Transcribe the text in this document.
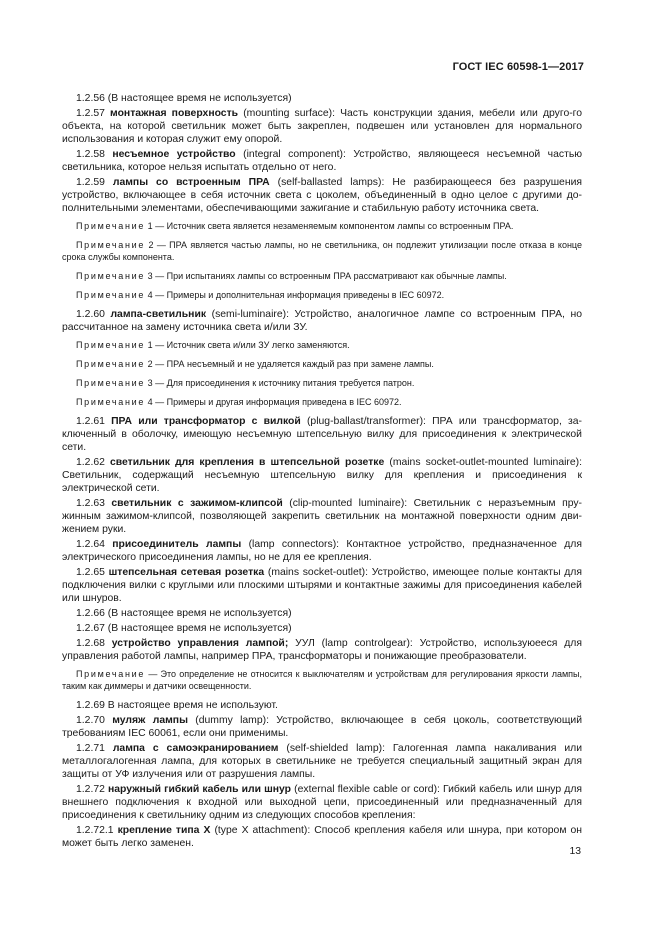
ГОСТ IEC 60598-1—2017
1.2.56 (В настоящее время не используется)
1.2.57 монтажная поверхность (mounting surface): Часть конструкции здания, мебели или друго-го объекта, на которой светильник может быть закреплен, подвешен или установлен для нормального использования и которая служит ему опорой.
1.2.58 несъемное устройство (integral component): Устройство, являющееся несъемной частью светильника, которое нельзя испытать отдельно от него.
1.2.59 лампы со встроенным ПРА (self-ballasted lamps): Не разбирающееся без разрушения устройство, включающее в себя источник света с цоколем, объединенный в одно целое с другими до-полнительными элементами, обеспечивающими зажигание и стабильную работу источника света.
Примечание 1 — Источник света является незаменяемым компонентом лампы со встроенным ПРА.
Примечание 2 — ПРА является частью лампы, но не светильника, он подлежит утилизации после отказа в конце срока службы компонента.
Примечание 3 — При испытаниях лампы со встроенным ПРА рассматривают как обычные лампы.
Примечание 4 — Примеры и дополнительная информация приведены в IEC 60972.
1.2.60 лампа-светильник (semi-luminaire): Устройство, аналогичное лампе со встроенным ПРА, но рассчитанное на замену источника света и/или ЗУ.
Примечание 1 — Источник света и/или ЗУ легко заменяются.
Примечание 2 — ПРА несъемный и не удаляется каждый раз при замене лампы.
Примечание 3 — Для присоединения к источнику питания требуется патрон.
Примечание 4 — Примеры и другая информация приведена в IEC 60972.
1.2.61 ПРА или трансформатор с вилкой (plug-ballast/transformer): ПРА или трансформатор, за-ключенный в оболочку, имеющую несъемную штепсельную вилку для присоединения к электрической сети.
1.2.62 светильник для крепления в штепсельной розетке (mains socket-outlet-mounted luminaire): Светильник, содержащий несъемную штепсельную вилку для крепления и присоединения к электрической сети.
1.2.63 светильник с зажимом-клипсой (clip-mounted luminaire): Светильник с неразъемным пру-жинным зажимом-клипсой, позволяющей закрепить светильник на монтажной поверхности одним дви-жением руки.
1.2.64 присоединитель лампы (lamp connectors): Контактное устройство, предназначенное для электрического присоединения лампы, но не для ее крепления.
1.2.65 штепсельная сетевая розетка (mains socket-outlet): Устройство, имеющее полые контакты для подключения вилки с круглыми или плоскими штырями и контактные зажимы для присоединения кабелей или шнуров.
1.2.66 (В настоящее время не используется)
1.2.67 (В настоящее время не используется)
1.2.68 устройство управления лампой; УУЛ (lamp controlgear): Устройство, используюееся для управления работой лампы, например ПРА, трансформаторы и понижающие преобразователи.
Примечание — Это определение не относится к выключателям и устройствам для регулирования яркости лампы, таким как диммеры и датчики освещенности.
1.2.69 В настоящее время не используют.
1.2.70 муляж лампы (dummy lamp): Устройство, включающее в себя цоколь, соответствующий требованиям IEC 60061, если они применимы.
1.2.71 лампа с самоэкранированием (self-shielded lamp): Галогенная лампа накаливания или металлогалогенная лампа, для которых в светильнике не требуется специальный защитный экран для защиты от УФ излучения или от разрушения лампы.
1.2.72 наружный гибкий кабель или шнур (external flexible cable or cord): Гибкий кабель или шнур для внешнего подключения к входной или выходной цепи, присоединенный или предназначенный для присоединения к светильнику одним из следующих способов крепления:
1.2.72.1 крепление типа X (type X attachment): Способ крепления кабеля или шнура, при котором он может быть легко заменен.
13
